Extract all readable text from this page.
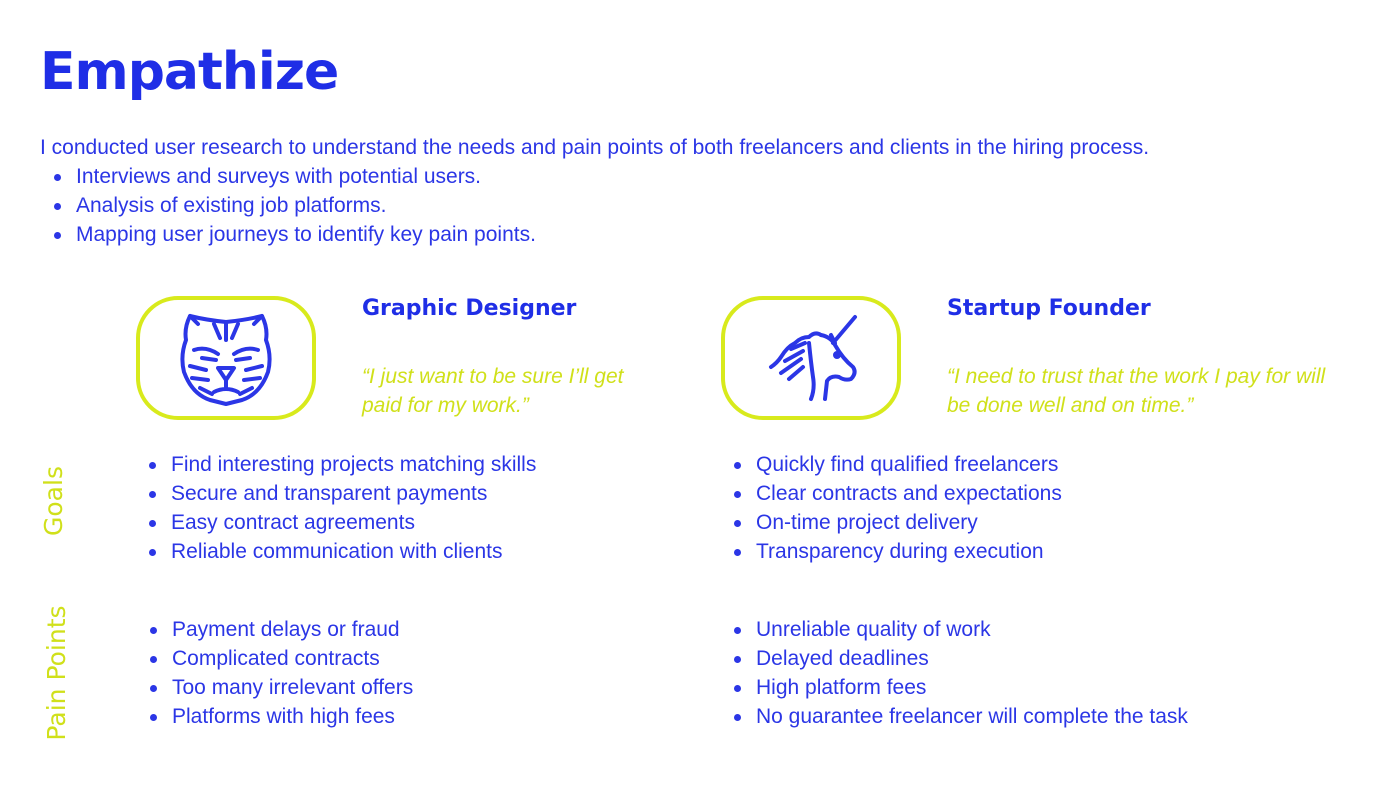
Empathize
I conducted user research to understand the needs and pain points of both freelancers and clients in the hiring process.
Interviews and surveys with potential users.
Analysis of existing job platforms.
Mapping user journeys to identify key pain points.
Graphic Designer
“I just want to be sure I’ll get
paid for my work.”
Startup Founder
“I need to trust that the work I pay for will
be done well and on time.”
Goals
Pain Points
Find interesting projects matching skills
Secure and transparent payments
Easy contract agreements
Reliable communication with clients
Quickly find qualified freelancers
Clear contracts and expectations
On-time project delivery
Transparency during execution
Payment delays or fraud
Complicated contracts
Too many irrelevant offers
Platforms with high fees
Unreliable quality of work
Delayed deadlines
High platform fees
No guarantee freelancer will complete the task
